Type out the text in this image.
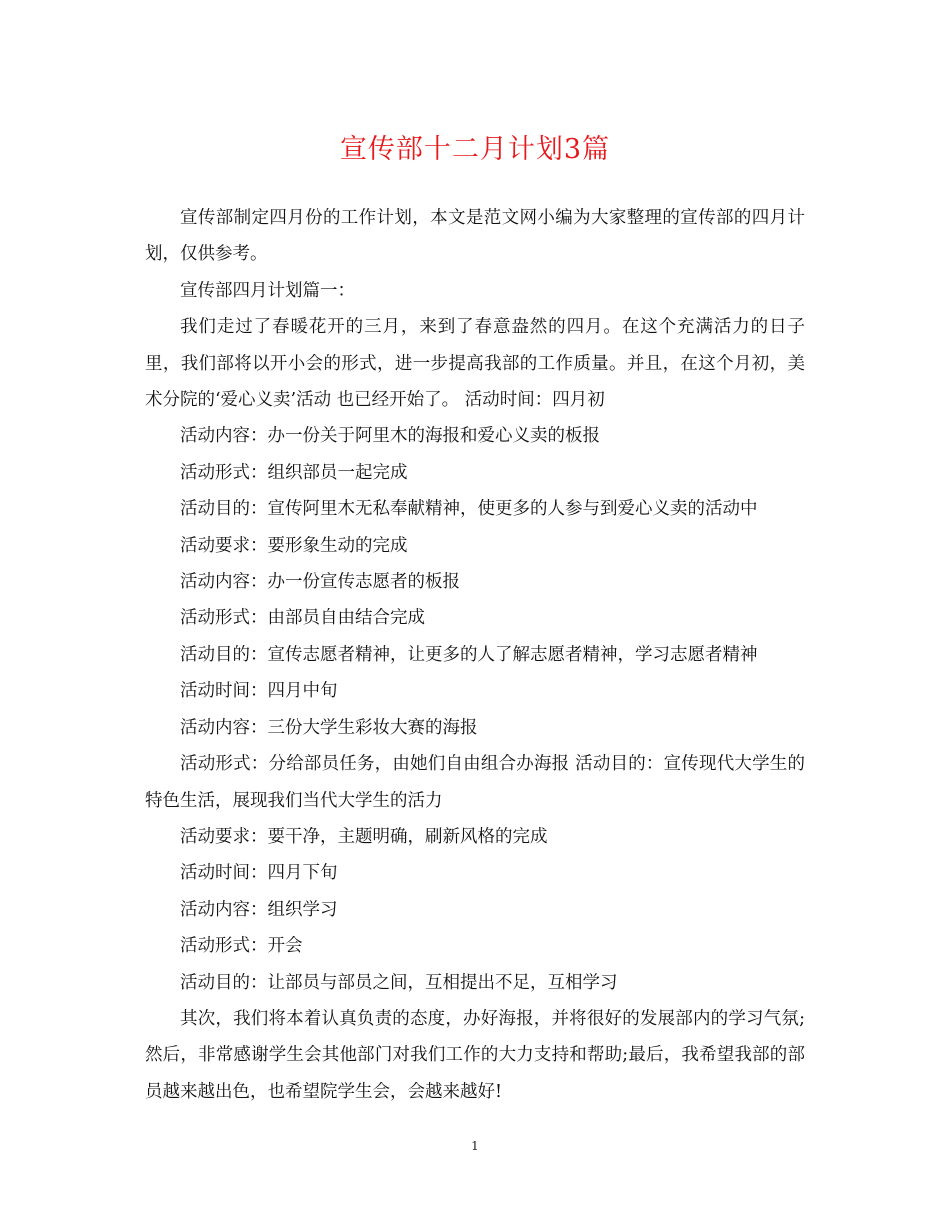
宣传部十二月计划3篇

宣传部制定四月份的工作计划，本文是范文网小编为大家整理的宣传部的四月计划，仅供参考。

宣传部四月计划篇一：

我们走过了春暖花开的三月，来到了春意盎然的四月。在这个充满活力的日子里，我们部将以开小会的形式，进一步提高我部的工作质量。并且，在这个月初，美术分院的‘爱心义卖’活动 也已经开始了。 活动时间：四月初

活动内容：办一份关于阿里木的海报和爱心义卖的板报

活动形式：组织部员一起完成

活动目的：宣传阿里木无私奉献精神，使更多的人参与到爱心义卖的活动中

活动要求：要形象生动的完成

活动内容：办一份宣传志愿者的板报

活动形式：由部员自由结合完成

活动目的：宣传志愿者精神，让更多的人了解志愿者精神，学习志愿者精神

活动时间：四月中旬

活动内容：三份大学生彩妆大赛的海报

活动形式：分给部员任务，由她们自由组合办海报 活动目的：宣传现代大学生的特色生活，展现我们当代大学生的活力

活动要求：要干净，主题明确，刷新风格的完成

活动时间：四月下旬

活动内容：组织学习

活动形式：开会

活动目的：让部员与部员之间，互相提出不足，互相学习

其次，我们将本着认真负责的态度，办好海报，并将很好的发展部内的学习气氛;然后，非常感谢学生会其他部门对我们工作的大力支持和帮助;最后，我希望我部的部员越来越出色，也希望院学生会，会越来越好!

1
